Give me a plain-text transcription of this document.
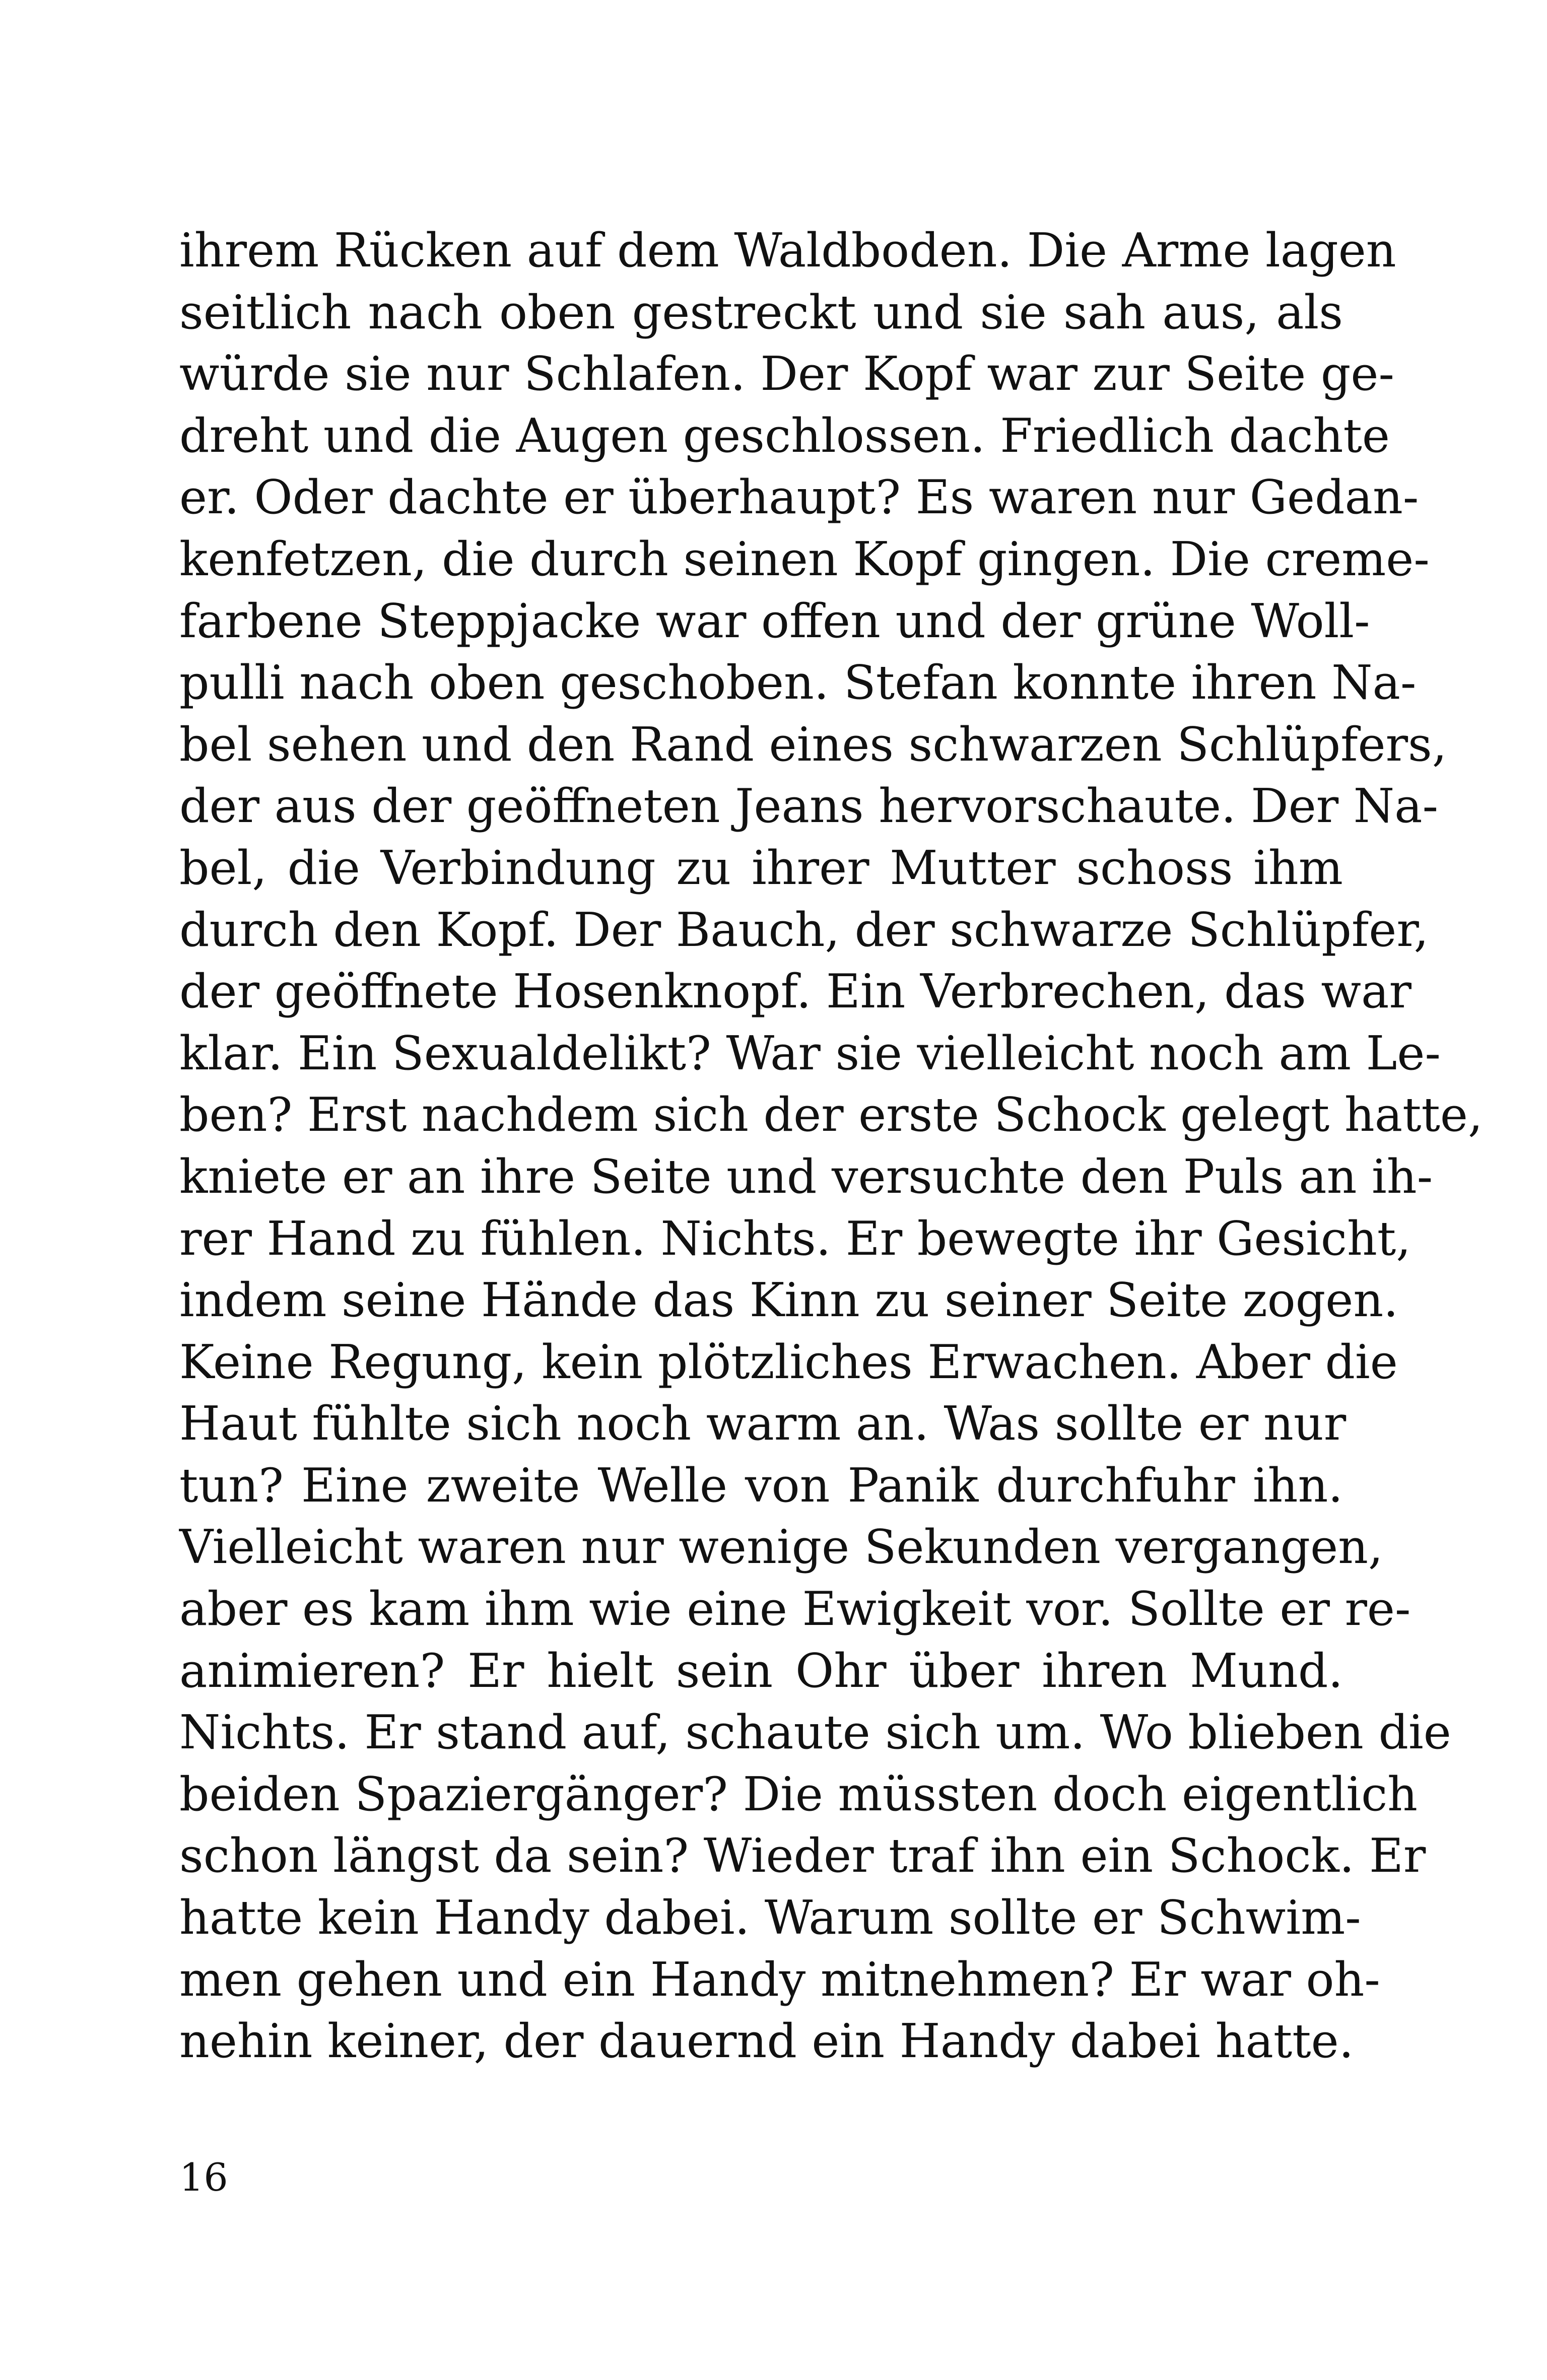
ihrem Rücken auf dem Waldboden. Die Arme lagen
seitlich nach oben gestreckt und sie sah aus, als
würde sie nur Schlafen. Der Kopf war zur Seite ge-
dreht und die Augen geschlossen. Friedlich dachte
er. Oder dachte er überhaupt? Es waren nur Gedan-
kenfetzen, die durch seinen Kopf gingen. Die creme-
farbene Steppjacke war offen und der grüne Woll-
pulli nach oben geschoben. Stefan konnte ihren Na-
bel sehen und den Rand eines schwarzen Schlüpfers,
der aus der geöffneten Jeans hervorschaute. Der Na-
bel, die Verbindung zu ihrer Mutter schoss ihm
durch den Kopf. Der Bauch, der schwarze Schlüpfer,
der geöffnete Hosenknopf. Ein Verbrechen, das war
klar. Ein Sexualdelikt? War sie vielleicht noch am Le-
ben? Erst nachdem sich der erste Schock gelegt hatte,
kniete er an ihre Seite und versuchte den Puls an ih-
rer Hand zu fühlen. Nichts. Er bewegte ihr Gesicht,
indem seine Hände das Kinn zu seiner Seite zogen.
Keine Regung, kein plötzliches Erwachen. Aber die
Haut fühlte sich noch warm an. Was sollte er nur
tun? Eine zweite Welle von Panik durchfuhr ihn.
Vielleicht waren nur wenige Sekunden vergangen,
aber es kam ihm wie eine Ewigkeit vor. Sollte er re-
animieren? Er hielt sein Ohr über ihren Mund.
Nichts. Er stand auf, schaute sich um. Wo blieben die
beiden Spaziergänger? Die müssten doch eigentlich
schon längst da sein? Wieder traf ihn ein Schock. Er
hatte kein Handy dabei. Warum sollte er Schwim-
men gehen und ein Handy mitnehmen? Er war oh-
nehin keiner, der dauernd ein Handy dabei hatte.
16
